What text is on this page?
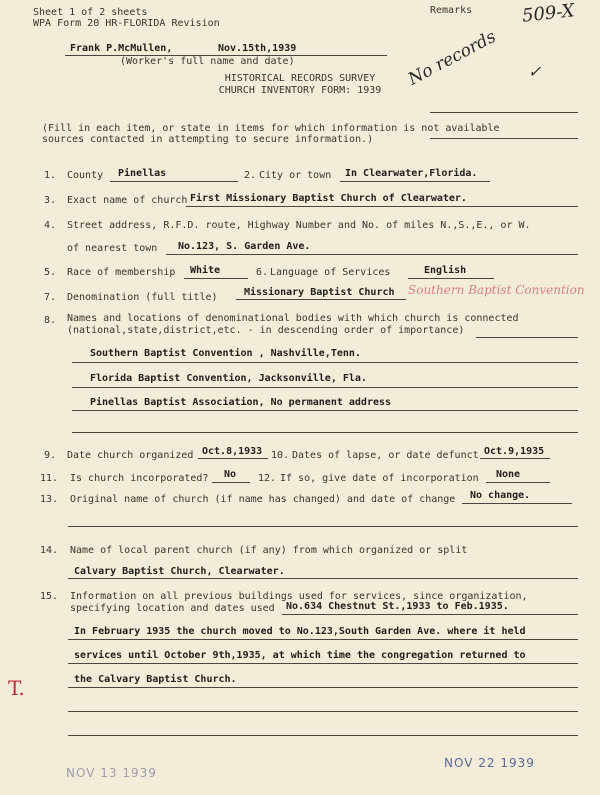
Sheet 1 of 2 sheets
WPA Form 20 HR-FLORIDA Revision
Remarks	509-X
Frank P.McMullen,	Nov.15th,1939
(Worker's full name and date)
HISTORICAL RECORDS SURVEY
CHURCH INVENTORY FORM: 1939
No records ✓
(Fill in each item, or state in items for which information is not available
sources contacted in attempting to secure information.)
1. County Pinellas	2. City or town In Clearwater,Florida.
3. Exact name of church First Missionary Baptist Church of Clearwater.
4. Street address, R.F.D. route, Highway Number and No. of miles N.,S.,E., or W.
of nearest town No.123, S. Garden Ave.
5. Race of membership White	6. Language of Services	English
7. Denomination (full title)	Missionary Baptist Church Southern Baptist Convention
8. Names and locations of denominational bodies with which church is connected
(national,state,district,etc. - in descending order of importance)
Southern Baptist Convention , Nashville,Tenn.
Florida Baptist Convention, Jacksonville, Fla.
Pinellas Baptist Association, No permanent address
9. Date church organized Oct.8,1933 10. Dates of lapse, or date defunct Oct.9,1935
11. Is church incorporated? No 12. If so, give date of incorporation None
13. Original name of church (if name has changed) and date of change No change.
14. Name of local parent church (if any) from which organized or split
Calvary Baptist Church, Clearwater.
15. Information on all previous buildings used for services, since organization,
specifying location and dates used No.634 Chestnut St.,1933 to Feb.1935.
In February 1935 the church moved to No.123,South Garden Ave. where it held
services until October 9th,1935, at which time the congregation returned to
the Calvary Baptist Church.
T.
NOV 13 1939
NOV 22 1939
